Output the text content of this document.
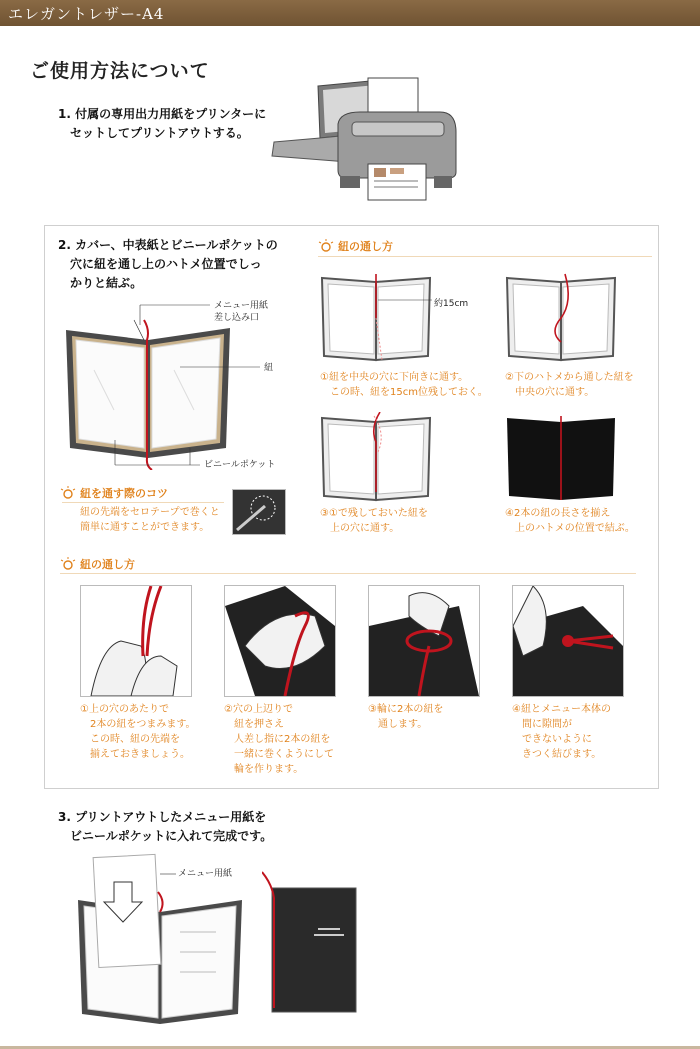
エレガントレザー-A4
ご使用方法について
1. 付属の専用出力用紙をプリンターに
　セットしてプリントアウトする。
2. カバー、中表紙とビニールポケットの
　穴に紐を通し上のハトメ位置でしっ
　かりと結ぶ。
メニュー用紙
差し込み口
紐
ビニールポケット
紐を通す際のコツ
紐の先端をセロテープで巻くと
簡単に通すことができます。
紐の通し方
約15cm
①紐を中央の穴に下向きに通す。
　この時、紐を15cm位残しておく。
②下のハトメから通した紐を
　中央の穴に通す。
③①で残しておいた紐を
　上の穴に通す。
④2本の紐の長さを揃え
　上のハトメの位置で結ぶ。
紐の通し方
①上の穴のあたりで
　2本の紐をつまみます。
　この時、紐の先端を
　揃えておきましょう。
②穴の上辺りで
　紐を押さえ
　人差し指に2本の紐を
　一緒に巻くようにして
　輪を作ります。
③輪に2本の紐を
　通します。
④紐とメニュー本体の
　間に隙間が
　できないように
　きつく結びます。
3. プリントアウトしたメニュー用紙を
　ビニールポケットに入れて完成です。
メニュー用紙
